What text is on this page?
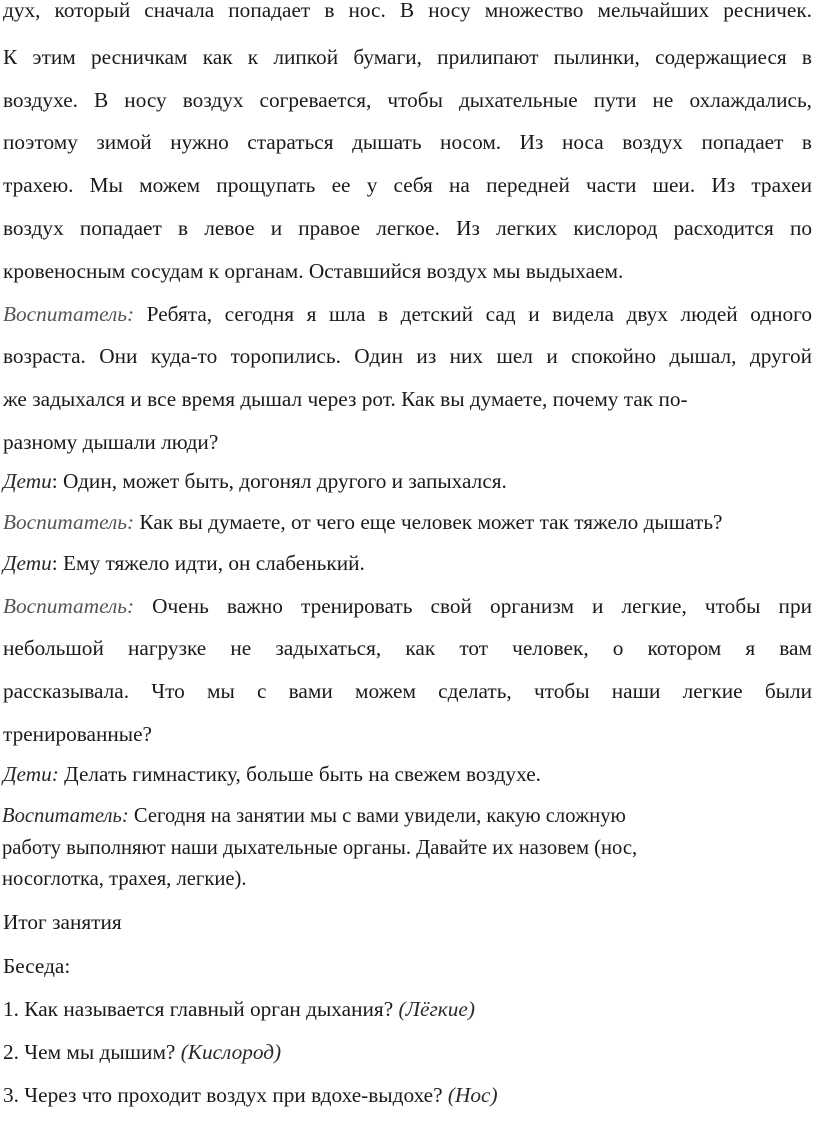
дух, который сначала попадает в нос. В носу множество мельчайших ресничек.
К этим ресничкам как к липкой бумаги, прилипают пылинки, содержащиеся в
воздухе. В носу воздух согревается, чтобы дыхательные пути не охлаждались,
поэтому зимой нужно стараться дышать носом. Из носа воздух попадает в
трахею. Мы можем прощупать ее у себя на передней части шеи. Из трахеи
воздух попадает в левое и правое легкое. Из легких кислород расходится по
кровеносным сосудам к органам. Оставшийся воздух мы выдыхаем.
Воспитатель: Ребята, сегодня я шла в детский сад и видела двух людей одного
возраста. Они куда-то торопились. Один из них шел и спокойно дышал, другой
же задыхался и все время дышал через рот. Как вы думаете, почему так по-
разному дышали люди?
Дети: Один, может быть, догонял другого и запыхался.
Воспитатель: Как вы думаете, от чего еще человек может так тяжело дышать?
Дети: Ему тяжело идти, он слабенький.
Воспитатель: Очень важно тренировать свой организм и легкие, чтобы при
небольшой нагрузке не задыхаться, как тот человек, о котором я вам
рассказывала. Что мы с вами можем сделать, чтобы наши легкие были
тренированные?
Дети: Делать гимнастику, больше быть на свежем воздухе.
Воспитатель: Сегодня на занятии мы с вами увидели, какую сложную
работу выполняют наши дыхательные органы. Давайте их назовем (нос,
носоглотка, трахея, легкие).
Итог занятия
Беседа:
1. Как называется главный орган дыхания? (Лёгкие)
2. Чем мы дышим? (Кислород)
3. Через что проходит воздух при вдохе-выдохе? (Нос)
